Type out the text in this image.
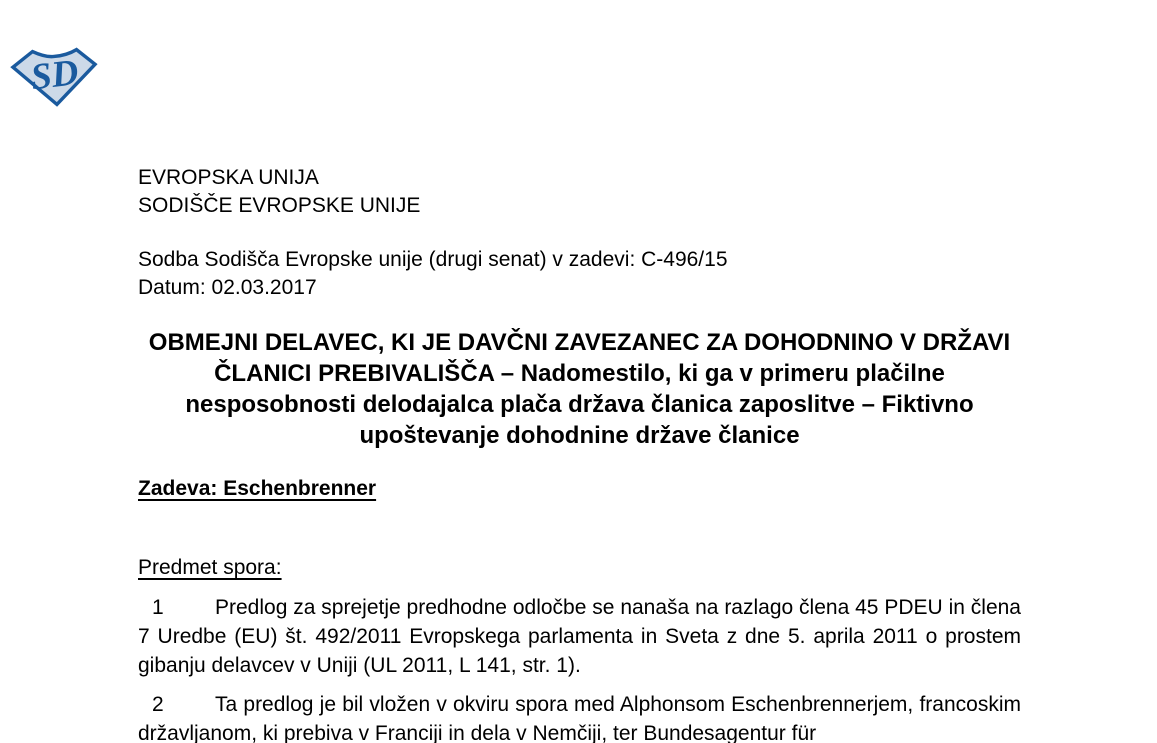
SD
EVROPSKA UNIJA
SODIŠČE EVROPSKE UNIJE
Sodba Sodišča Evropske unije (drugi senat) v zadevi: C-496/15
Datum: 02.03.2017
OBMEJNI DELAVEC, KI JE DAVČNI ZAVEZANEC ZA DOHODNINO V DRŽAVI ČLANICI PREBIVALIŠČA – Nadomestilo, ki ga v primeru plačilne nesposobnosti delodajalca plača država članica zaposlitve – Fiktivno upoštevanje dohodnine države članice
Zadeva: Eschenbrenner
Predmet spora:

1 Predlog za sprejetje predhodne odločbe se nanaša na razlago člena 45 PDEU in člena 7 Uredbe (EU) št. 492/2011 Evropskega parlamenta in Sveta z dne 5. aprila 2011 o prostem gibanju delavcev v Uniji (UL 2011, L 141, str. 1).

2 Ta predlog je bil vložen v okviru spora med Alphonsom Eschenbrennerjem, francoskim državljanom, ki prebiva v Franciji in dela v Nemčiji, ter Bundesagentur für
